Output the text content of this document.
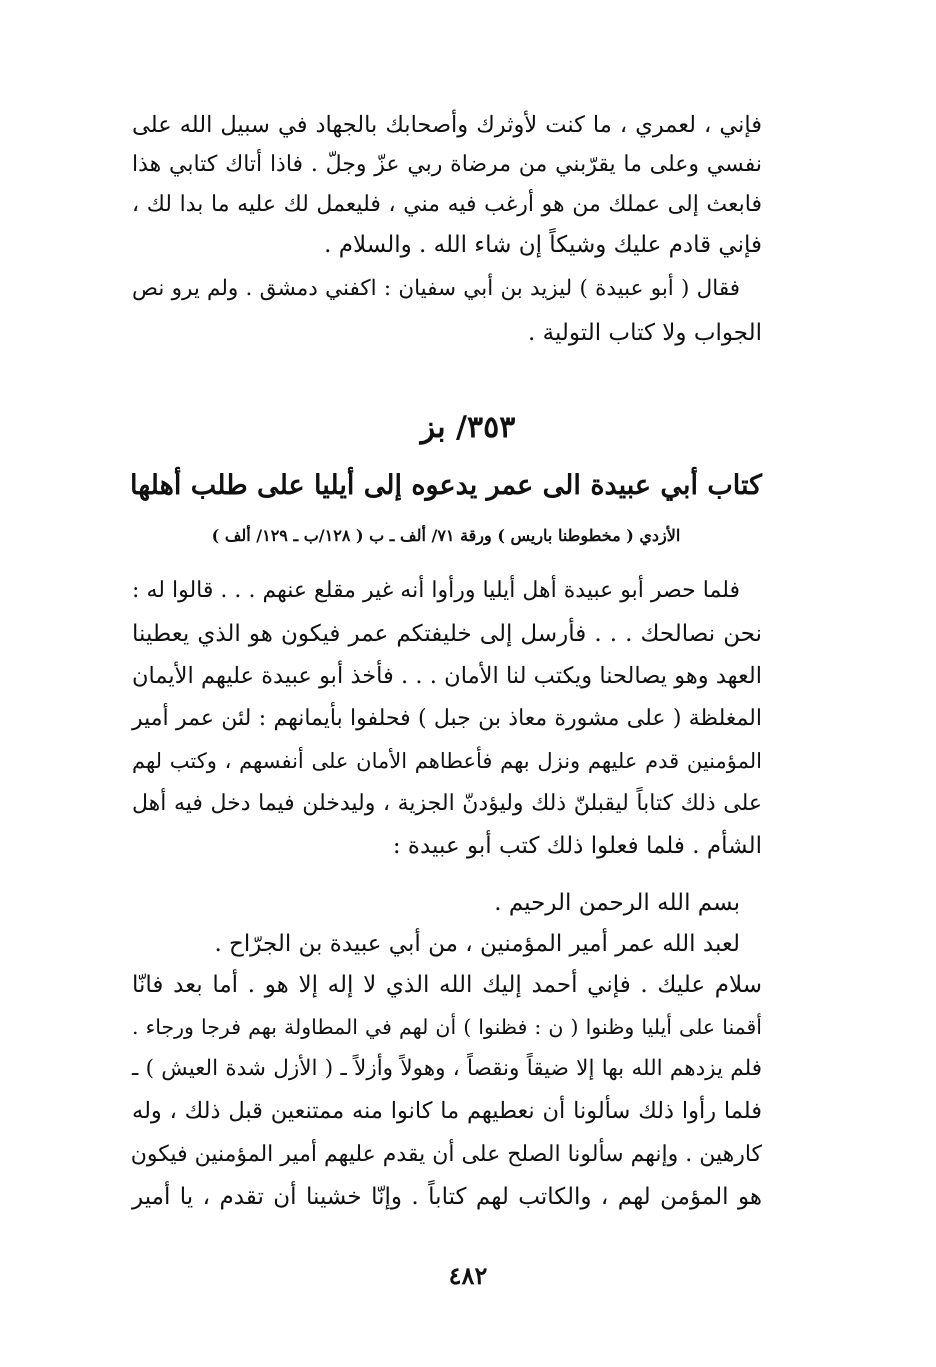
فإني ، لعمري ، ما كنت لأوثرك وأصحابك بالجهاد في سبيل الله على
نفسي وعلى ما يقرّبني من مرضاة ربي عزّ وجلّ . فاذا أتاك كتابي هذا
فابعث إلى عملك من هو أرغب فيه مني ، فليعمل لك عليه ما بدا لك ،
فإني قادم عليك وشيكاً إن شاء الله . والسلام .
فقال ( أبو عبيدة ) ليزيد بن أبي سفيان : اكفني دمشق . ولم يرو نص
الجواب ولا كتاب التولية .
٣٥٣/ بز
كتاب أبي عبيدة الى عمر يدعوه إلى أيليا على طلب أهلها
الأزدي ( مخطوطنا باريس ) ورقة ٧١/ ألف ـ ب ( ١٢٨/ب ـ ١٢٩/ ألف )
فلما حصر أبو عبيدة أهل أيليا ورأوا أنه غير مقلع عنهم . . . قالوا له :
نحن نصالحك . . . فأرسل إلى خليفتكم عمر فيكون هو الذي يعطينا
العهد وهو يصالحنا ويكتب لنا الأمان . . . فأخذ أبو عبيدة عليهم الأيمان
المغلظة ( على مشورة معاذ بن جبل ) فحلفوا بأيمانهم : لئن عمر أمير
المؤمنين قدم عليهم ونزل بهم فأعطاهم الأمان على أنفسهم ، وكتب لهم
على ذلك كتاباً ليقبلنّ ذلك وليؤدنّ الجزية ، وليدخلن فيما دخل فيه أهل
الشأم . فلما فعلوا ذلك كتب أبو عبيدة :
بسم الله الرحمن الرحيم .
لعبد الله عمر أمير المؤمنين ، من أبي عبيدة بن الجرّاح .
سلام عليك . فإني أحمد إليك الله الذي لا إله إلا هو . أما بعد فانّا
أقمنا على أيليا وظنوا ( ن : فظنوا ) أن لهم في المطاولة بهم فرجا ورجاء .
فلم يزدهم الله بها إلا ضيقاً ونقصاً ، وهولاً وأزلاً ـ ( الأزل شدة العيش ) ـ
فلما رأوا ذلك سألونا أن نعطيهم ما كانوا منه ممتنعين قبل ذلك ، وله
كارهين . وإنهم سألونا الصلح على أن يقدم عليهم أمير المؤمنين فيكون
هو المؤمن لهم ، والكاتب لهم كتاباً . وإنّا خشينا أن تقدم ، يا أمير
٤٨٢
